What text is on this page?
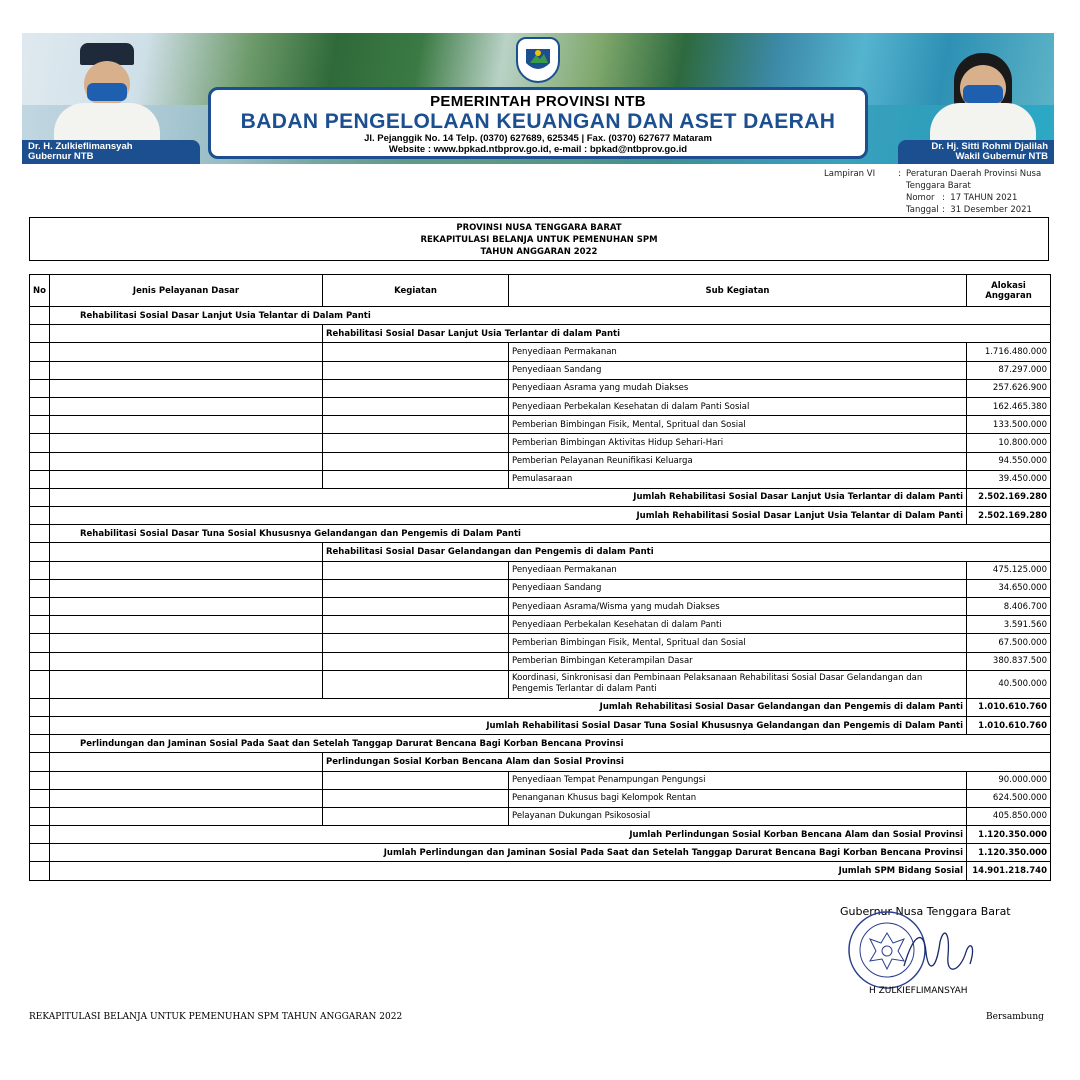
Dr. H. Zulkieflimansyah
Gubernur NTB
Dr. Hj. Sitti Rohmi Djalilah
Wakil Gubernur NTB
PEMERINTAH PROVINSI NTB
BADAN PENGELOLAAN KEUANGAN DAN ASET DAERAH
Jl. Pejanggik No. 14 Telp. (0370) 627689, 625345 | Fax. (0370) 627677 Mataram
Website : www.bpkad.ntbprov.go.id, e-mail : bpkad@ntbprov.go.id
Lampiran VI	: Peraturan Daerah Provinsi Nusa
Tenggara Barat
Nomor :  17 TAHUN 2021
Tanggal :  31 Desember 2021
PROVINSI NUSA TENGGARA BARAT
REKAPITULASI BELANJA UNTUK PEMENUHAN SPM
TAHUN ANGGARAN 2022
No	Jenis Pelayanan Dasar	Kegiatan	Sub Kegiatan	Alokasi
Anggaran
	Rehabilitasi Sosial Dasar Lanjut Usia Telantar di Dalam Panti			
		Rehabilitasi Sosial Dasar Lanjut Usia Terlantar di dalam Panti		
			Penyediaan Permakanan	1.716.480.000
			Penyediaan Sandang	87.297.000
			Penyediaan Asrama yang mudah Diakses	257.626.900
			Penyediaan Perbekalan Kesehatan di dalam Panti Sosial	162.465.380
			Pemberian Bimbingan Fisik, Mental, Spritual dan Sosial	133.500.000
			Pemberian Bimbingan Aktivitas Hidup Sehari-Hari	10.800.000
			Pemberian Pelayanan Reunifikasi Keluarga	94.550.000
			Pemulasaraan	39.450.000
	Jumlah Rehabilitasi Sosial Dasar Lanjut Usia Terlantar di dalam Panti			2.502.169.280
	Jumlah Rehabilitasi Sosial Dasar Lanjut Usia Telantar di Dalam Panti			2.502.169.280
	Rehabilitasi Sosial Dasar Tuna Sosial Khususnya Gelandangan dan Pengemis di Dalam Panti			
		Rehabilitasi Sosial Dasar Gelandangan dan Pengemis di dalam Panti		
			Penyediaan Permakanan	475.125.000
			Penyediaan Sandang	34.650.000
			Penyediaan Asrama/Wisma yang mudah Diakses	8.406.700
			Penyediaan Perbekalan Kesehatan di dalam Panti	3.591.560
			Pemberian Bimbingan Fisik, Mental, Spritual dan Sosial	67.500.000
			Pemberian Bimbingan Keterampilan Dasar	380.837.500
			Koordinasi, Sinkronisasi dan Pembinaan Pelaksanaan Rehabilitasi Sosial Dasar Gelandangan dan Pengemis Terlantar di dalam Panti	40.500.000
	Jumlah Rehabilitasi Sosial Dasar Gelandangan dan Pengemis di dalam Panti			1.010.610.760
	Jumlah Rehabilitasi Sosial Dasar Tuna Sosial Khususnya Gelandangan dan Pengemis di Dalam Panti			1.010.610.760
	Perlindungan dan Jaminan Sosial Pada Saat dan Setelah Tanggap Darurat Bencana Bagi Korban Bencana Provinsi			
		Perlindungan Sosial Korban Bencana Alam dan Sosial Provinsi		
			Penyediaan Tempat Penampungan Pengungsi	90.000.000
			Penanganan Khusus bagi Kelompok Rentan	624.500.000
			Pelayanan Dukungan Psikososial	405.850.000
	Jumlah Perlindungan Sosial Korban Bencana Alam dan Sosial Provinsi			1.120.350.000
	Jumlah Perlindungan dan Jaminan Sosial Pada Saat dan Setelah Tanggap Darurat Bencana Bagi Korban Bencana Provinsi			1.120.350.000
	Jumlah SPM Bidang Sosial			14.901.218.740
Gubernur Nusa Tenggara Barat
H ZULKIEFLIMANSYAH
REKAPITULASI BELANJA UNTUK PEMENUHAN SPM TAHUN ANGGARAN 2022	Bersambung
